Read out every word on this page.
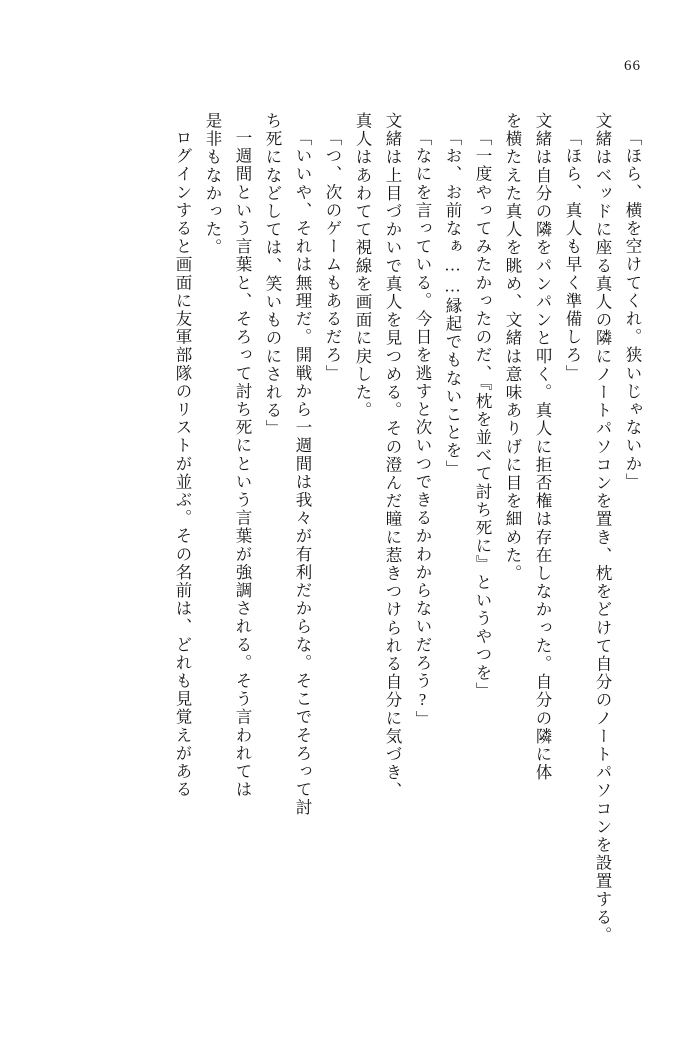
66
「ほら、横を空けてくれ。狭いじゃないか」
文緒はベッドに座る真人の隣にノートパソコンを置き、枕をどけて自分のノートパソコンを設置する。
「ほら、真人も早く準備しろ」
文緒は自分の隣をパンパンと叩く。真人に拒否権は存在しなかった。自分の隣に体
を横たえた真人を眺め、文緒は意味ありげに目を細めた。
「一度やってみたかったのだ、『枕を並べて討ち死に』というやつを」
「お、お前なぁ……縁起でもないことを」
「なにを言っている。今日を逃すと次いつできるかわからないだろう?」
文緒は上目づかいで真人を見つめる。その澄んだ瞳に惹きつけられる自分に気づき、
真人はあわてて視線を画面に戻した。
「つ、次のゲームもあるだろ」
「いいや、それは無理だ。開戦から一週間は我々が有利だからな。そこでそろって討
ち死になどしては、笑いものにされる」
一週間という言葉と、そろって討ち死にという言葉が強調される。そう言われては
是非もなかった。
ログインすると画面に友軍部隊のリストが並ぶ。その名前は、どれも見覚えがある
